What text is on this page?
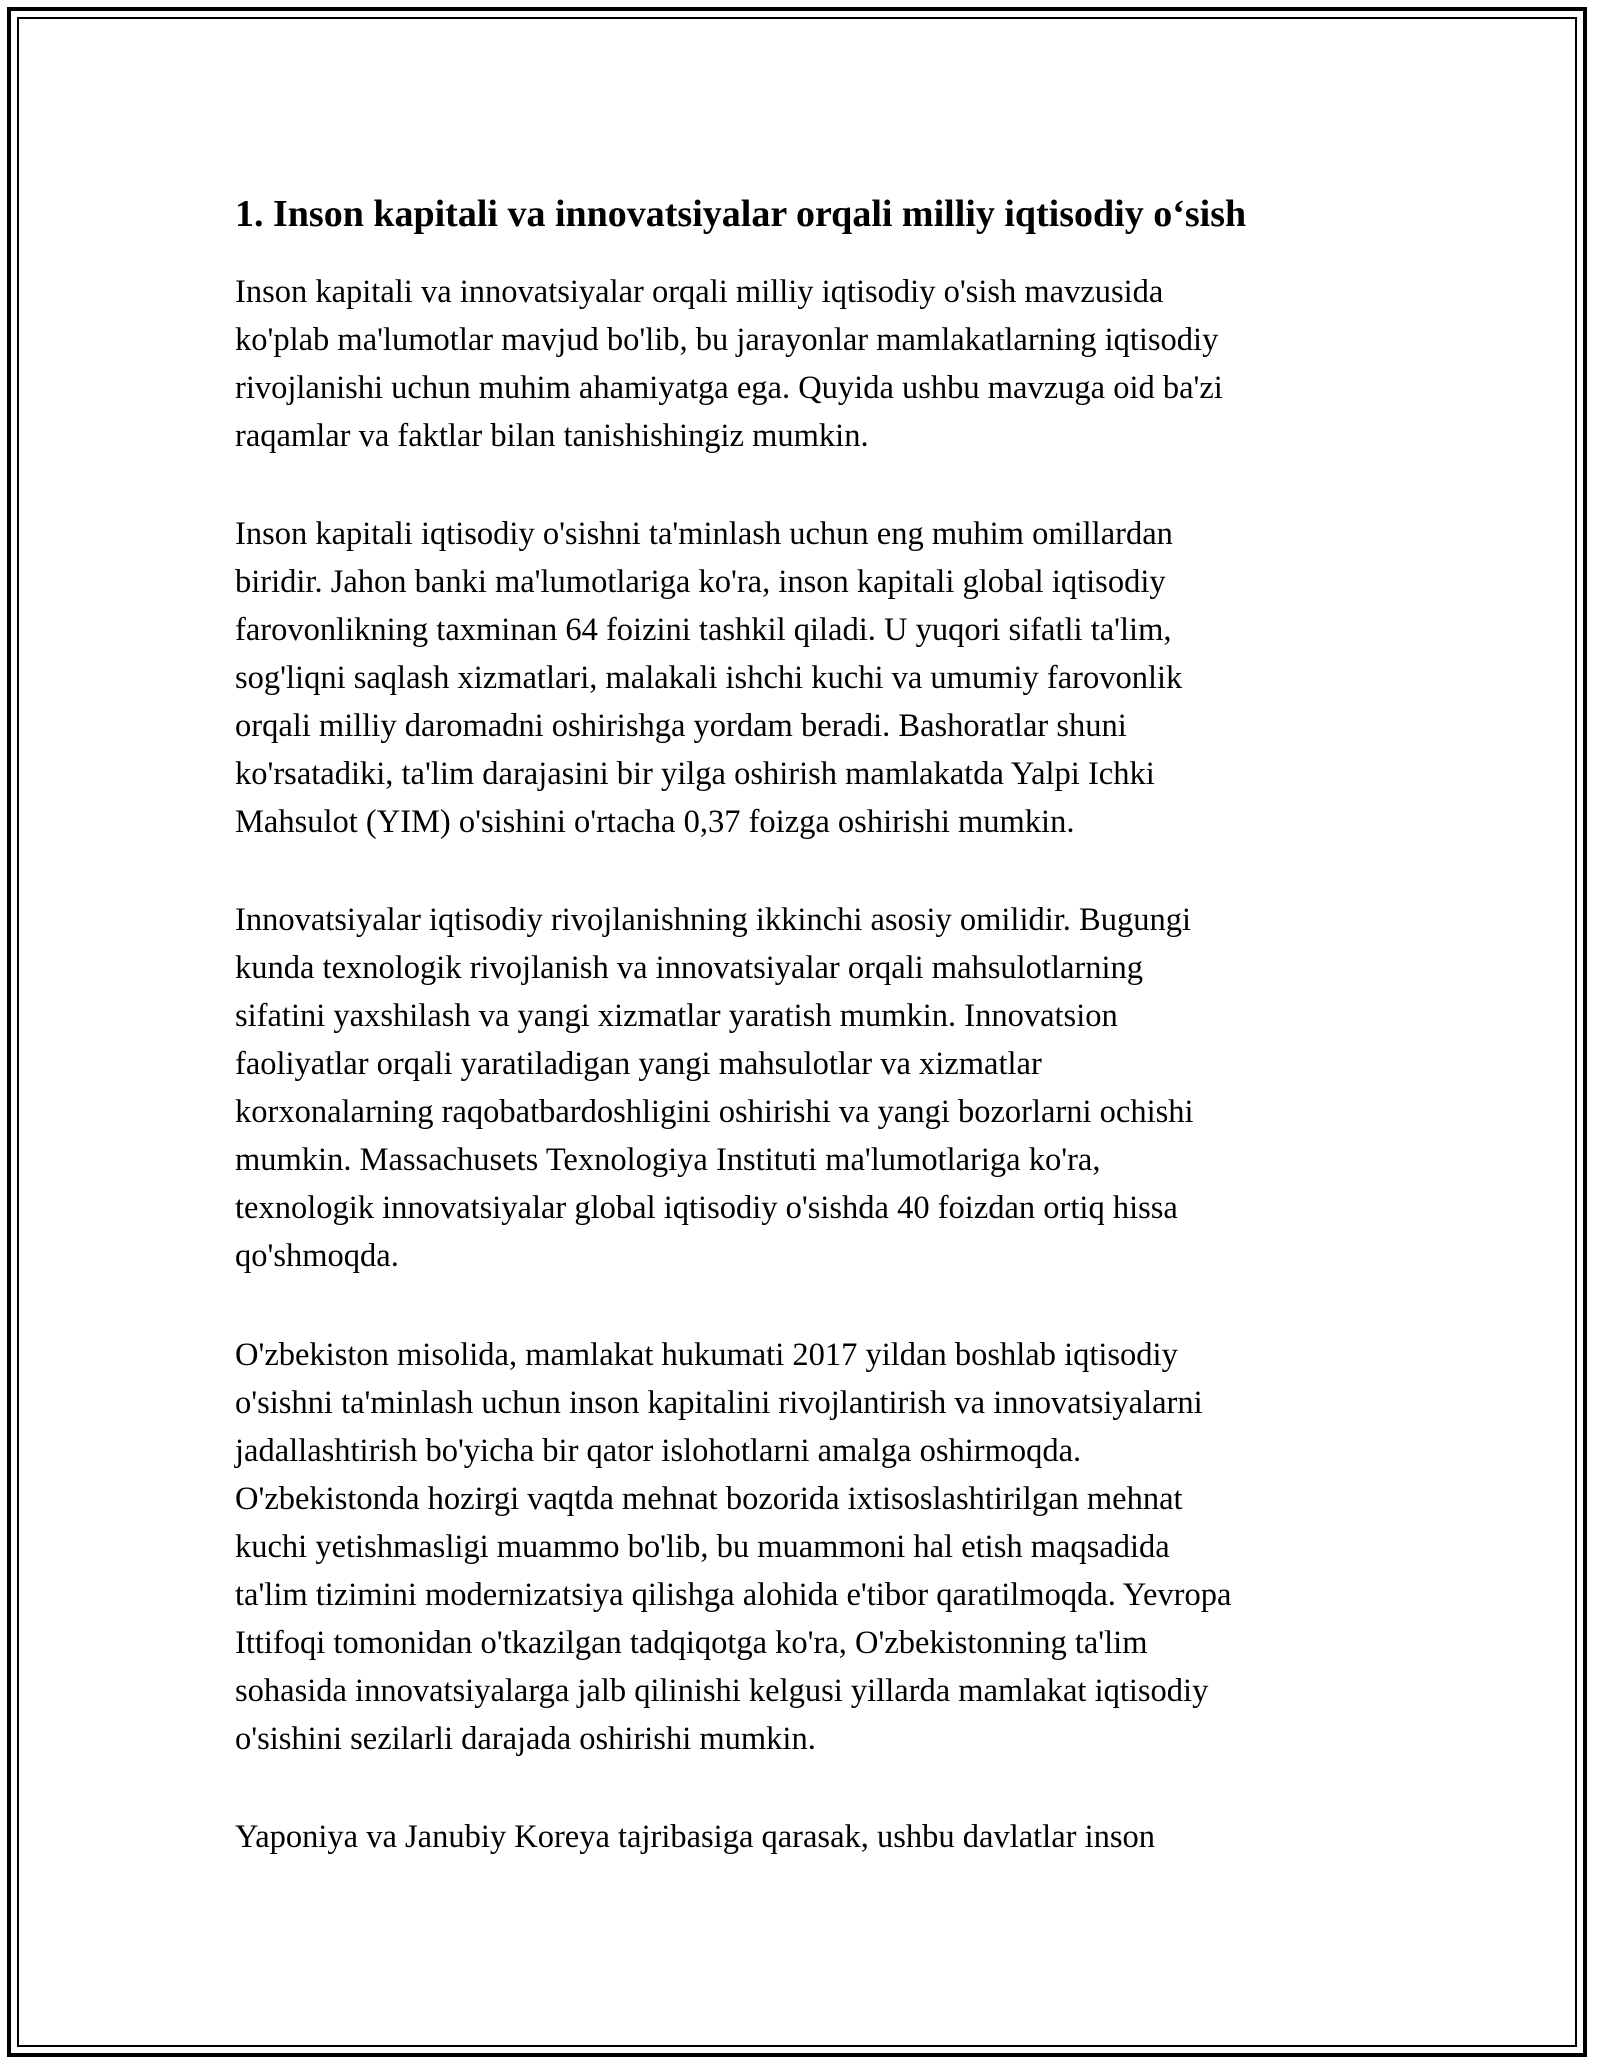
1. Inson kapitali va innovatsiyalar orqali milliy iqtisodiy o‘sish

Inson kapitali va innovatsiyalar orqali milliy iqtisodiy o'sish mavzusida

ko'plab ma'lumotlar mavjud bo'lib, bu jarayonlar mamlakatlarning iqtisodiy

rivojlanishi uchun muhim ahamiyatga ega. Quyida ushbu mavzuga oid ba'zi

raqamlar va faktlar bilan tanishishingiz mumkin.

Inson kapitali iqtisodiy o'sishni ta'minlash uchun eng muhim omillardan

biridir. Jahon banki ma'lumotlariga ko'ra, inson kapitali global iqtisodiy

farovonlikning taxminan 64 foizini tashkil qiladi. U yuqori sifatli ta'lim,

sog'liqni saqlash xizmatlari, malakali ishchi kuchi va umumiy farovonlik

orqali milliy daromadni oshirishga yordam beradi. Bashoratlar shuni

ko'rsatadiki, ta'lim darajasini bir yilga oshirish mamlakatda Yalpi Ichki

Mahsulot (YIM) o'sishini o'rtacha 0,37 foizga oshirishi mumkin.

Innovatsiyalar iqtisodiy rivojlanishning ikkinchi asosiy omilidir. Bugungi

kunda texnologik rivojlanish va innovatsiyalar orqali mahsulotlarning

sifatini yaxshilash va yangi xizmatlar yaratish mumkin. Innovatsion

faoliyatlar orqali yaratiladigan yangi mahsulotlar va xizmatlar

korxonalarning raqobatbardoshligini oshirishi va yangi bozorlarni ochishi

mumkin. Massachusets Texnologiya Instituti ma'lumotlariga ko'ra,

texnologik innovatsiyalar global iqtisodiy o'sishda 40 foizdan ortiq hissa

qo'shmoqda.

O'zbekiston misolida, mamlakat hukumati 2017 yildan boshlab iqtisodiy

o'sishni ta'minlash uchun inson kapitalini rivojlantirish va innovatsiyalarni

jadallashtirish bo'yicha bir qator islohotlarni amalga oshirmoqda.

O'zbekistonda hozirgi vaqtda mehnat bozorida ixtisoslashtirilgan mehnat

kuchi yetishmasligi muammo bo'lib, bu muammoni hal etish maqsadida

ta'lim tizimini modernizatsiya qilishga alohida e'tibor qaratilmoqda. Yevropa

Ittifoqi tomonidan o'tkazilgan tadqiqotga ko'ra, O'zbekistonning ta'lim

sohasida innovatsiyalarga jalb qilinishi kelgusi yillarda mamlakat iqtisodiy

o'sishini sezilarli darajada oshirishi mumkin.

Yaponiya va Janubiy Koreya tajribasiga qarasak, ushbu davlatlar inson
